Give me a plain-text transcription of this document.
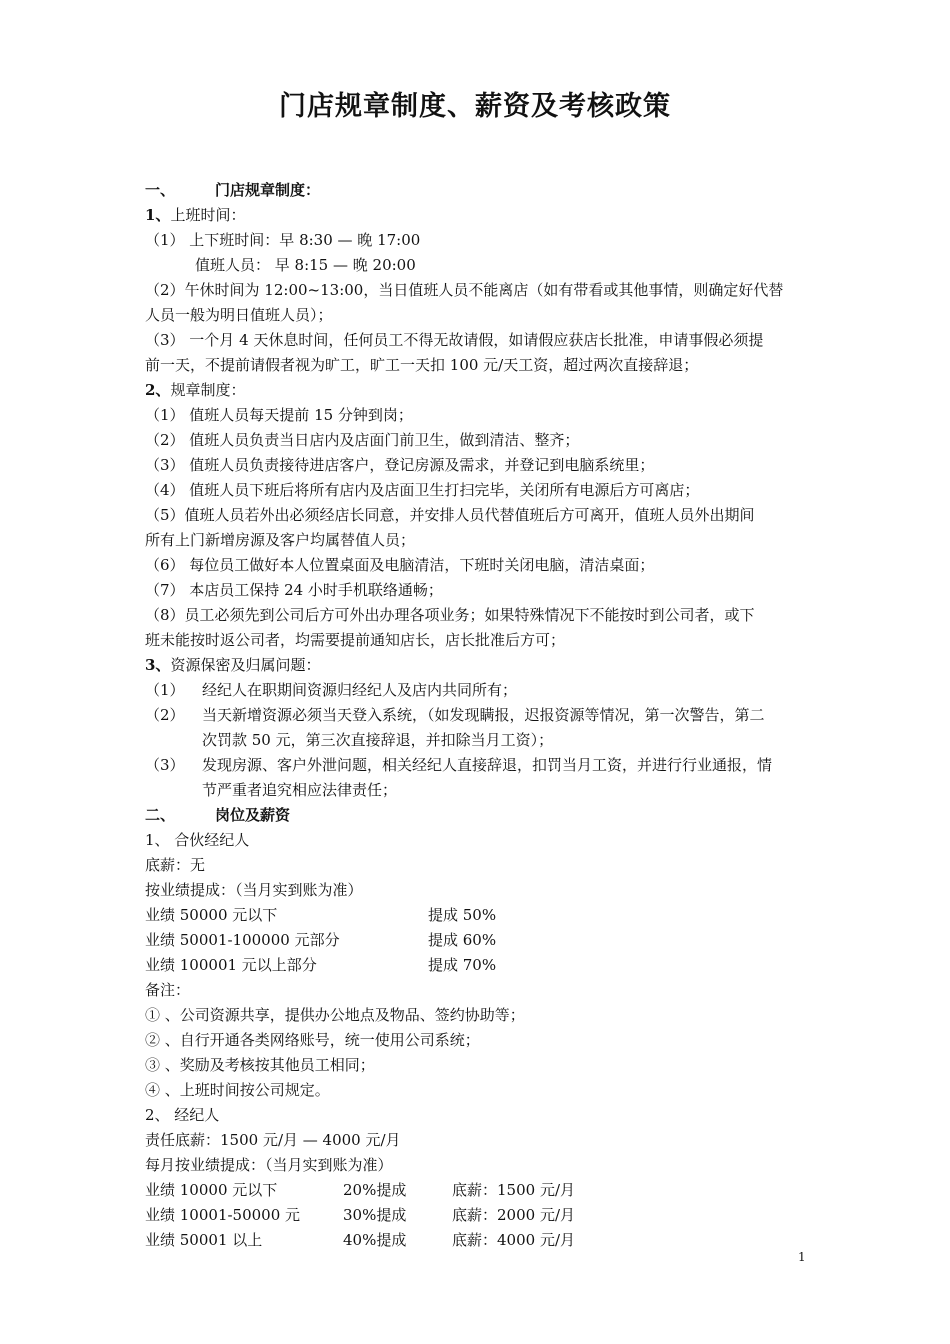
门店规章制度、薪资及考核政策
一、	门店规章制度：
1、上班时间：
（1） 上下班时间：早 8:30 — 晚 17:00
值班人员： 早 8:15 — 晚 20:00
（2）午休时间为 12:00~13:00，当日值班人员不能离店（如有带看或其他事情，则确定好代替
人员一般为明日值班人员）；
（3） 一个月 4 天休息时间，任何员工不得无故请假，如请假应获店长批准，申请事假必须提
前一天，不提前请假者视为旷工，旷工一天扣 100 元/天工资，超过两次直接辞退；
2、规章制度：
（1） 值班人员每天提前 15 分钟到岗；
（2） 值班人员负责当日店内及店面门前卫生，做到清洁、整齐；
（3） 值班人员负责接待进店客户，登记房源及需求，并登记到电脑系统里；
（4） 值班人员下班后将所有店内及店面卫生打扫完毕，关闭所有电源后方可离店；
（5）值班人员若外出必须经店长同意，并安排人员代替值班后方可离开，值班人员外出期间
所有上门新增房源及客户均属替值人员；
（6） 每位员工做好本人位置桌面及电脑清洁，下班时关闭电脑，清洁桌面；
（7） 本店员工保持 24 小时手机联络通畅；
（8）员工必须先到公司后方可外出办理各项业务；如果特殊情况下不能按时到公司者，或下
班未能按时返公司者，均需要提前通知店长，店长批准后方可；
3、资源保密及归属问题：
（1） 经纪人在职期间资源归经纪人及店内共同所有；
（2） 当天新增资源必须当天登入系统，（如发现瞒报，迟报资源等情况，第一次警告，第二
次罚款 50 元，第三次直接辞退，并扣除当月工资）；
（3） 发现房源、客户外泄问题，相关经纪人直接辞退，扣罚当月工资，并进行行业通报，情
节严重者追究相应法律责任；
二、	岗位及薪资
1、 合伙经纪人
底薪：无
按业绩提成：（当月实到账为准）
业绩 50000 元以下	提成 50%
业绩 50001-100000 元部分	提成 60%
业绩 100001 元以上部分	提成 70%
备注：
① 、公司资源共享，提供办公地点及物品、签约协助等；
② 、自行开通各类网络账号，统一使用公司系统；
③ 、奖励及考核按其他员工相同；
④ 、上班时间按公司规定。
2、 经纪人
责任底薪：1500 元/月 — 4000 元/月
每月按业绩提成：（当月实到账为准）
业绩 10000 元以下	20%提成	底薪：1500 元/月
业绩 10001-50000 元	30%提成	底薪：2000 元/月
业绩 50001 以上	40%提成	底薪：4000 元/月
1
